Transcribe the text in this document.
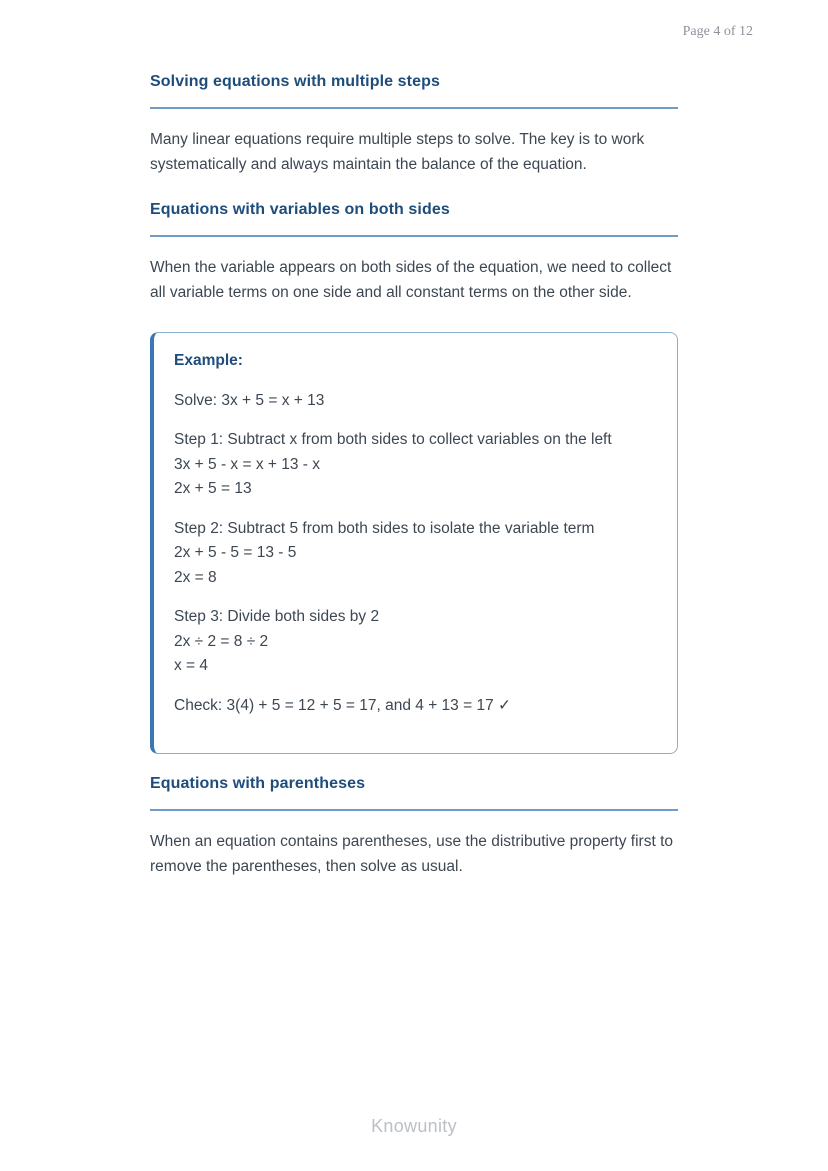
Page 4 of 12
Solving equations with multiple steps

Many linear equations require multiple steps to solve. The key is to work systematically and always maintain the balance of the equation.

Equations with variables on both sides

When the variable appears on both sides of the equation, we need to collect all variable terms on one side and all constant terms on the other side.

Example:

Solve: 3x + 5 = x + 13

Step 1: Subtract x from both sides to collect variables on the left

3x + 5 - x = x + 13 - x

2x + 5 = 13

Step 2: Subtract 5 from both sides to isolate the variable term

2x + 5 - 5 = 13 - 5

2x = 8

Step 3: Divide both sides by 2

2x ÷ 2 = 8 ÷ 2

x = 4

Check: 3(4) + 5 = 12 + 5 = 17, and 4 + 13 = 17 ✓

Equations with parentheses

When an equation contains parentheses, use the distributive property first to remove the parentheses, then solve as usual.

Knowunity
